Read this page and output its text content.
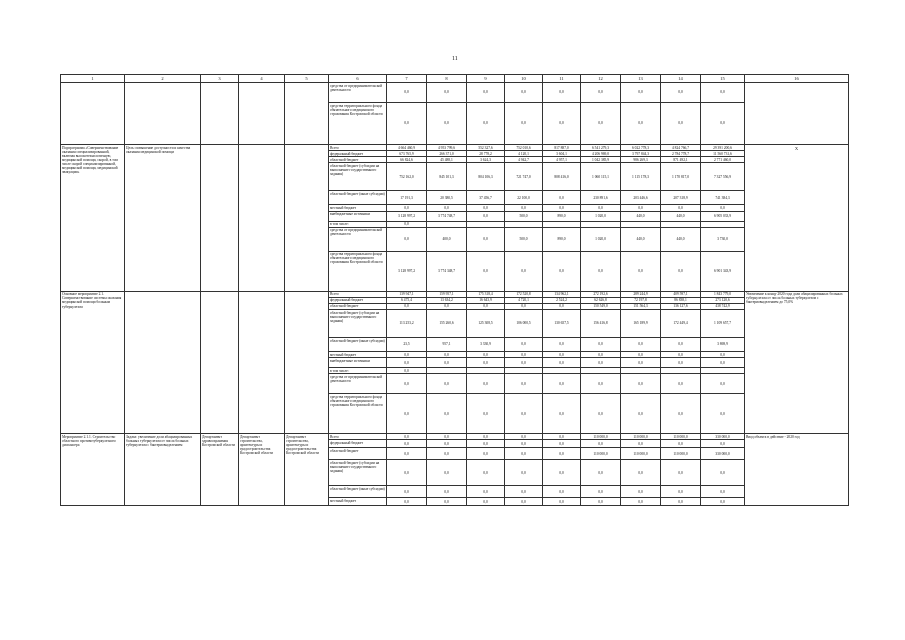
11
1	2	3	4	5	6	7	8	9	10	11	12	13	14	15	16
					средства от предпринимательской деятельности	0,0	0,0	0,0	0,0	0,0	0,0	0,0	0,0	0,0	
					средства территориального фонда обязательного медицинского страхования Костромской области	0,0	0,0	0,0	0,0	0,0	0,0	0,0	0,0	0,0	
Подпрограмма «Совершенствование оказания специализированной, включая высокотехнологичную, медицинской помощи, скорой, в том числе скорой специализированной, медицинской помощи, медицинской эвакуации»	Цель: повышение доступности и качества оказания медицинской помощи				Всего	4 664 460,9	4 953 799,6	552 327,6	752 010,6	817 887,0	6 541 279,3	6 022 778,3	4 824 766,7	29 391 200,6	Х
					федеральный бюджет	673 765,9	266 371,0	28 778,2	4 120,1	3 604,1	4 206 969,0	3 797 844,3	2 784 778,7	11 560 731,6	
					областной бюджет	66 824,6	45 488,1	3 624,3	4 942,7	4 957,1	1 042 385,9	986 269,3	871 492,1	2 771 460,0	
					областной бюджет (субсидии на выполнение государственного задания)	752 162,0	845 101,3	804 106,3	721 747,0	808 416,0	1 060 115,1	1 115 178,3	1 170 817,0	7 327 556,9	
					областной бюджет (иные субсидии)	17 191,3	20 380,5	37 456,7	22 100,0	0,0	230 891,6	203 446,6	207 318,9	741 384,3	
					местный бюджет	0,0	0,0	0,0	0,0	0,0	0,0	0,0	0,0	0,0	
					внебюджетные источники	3 128 997,2	3 774 748,7	0,0	500,0	890,0	1 020,0	440,0	440,0	6 905 033,9	
					в том числе:	0,0									
					средства от предпринимательской деятельности	0,0	400,0	0,0	500,0	890,0	1 020,0	440,0	440,0	3 730,0	
					средства территориального фонда обязательного медицинского страхования Костромской области	3 128 997,2	3 774 348,7	0,0	0,0	0,0	0,0	0,0	0,0	6 901 343,9	
Основное мероприятие 2.1. Совершенствование системы оказания медицинской помощи больным туберкулезом					Всего	139 947,1	159 957,1	175 318,4	172 520,8	134 962,1	272 192,6	289 244,9	409 597,1	1 843 779,0	Увеличение к концу 2020 года доли абацилированных больных туберкулезом от числа больных туберкулезом с бактериовыделением до 75,0%
					федеральный бюджет	6 475,4	13 634,2	16 643,9	4 720,1	2 524,2	62 626,8	72 197,8	86 838,1	273 120,6	
					областной бюджет	0,0	0,0	0,0	0,0	0,0	150 549,0	151 564,3	136 127,6	438 742,9	
					областной бюджет (субсидии на выполнение государственного задания)	113 253,2	155 260,6	125 308,5	106 000,5	130 657,5	156 416,8	165 189,9	172 449,4	1 109 657,7	
					областной бюджет (иные субсидии)	23,5	957,1	3 330,9	0,0	0,0	0,0	0,0	0,0	3 869,9	
					местный бюджет	0,0	0,0	0,0	0,0	0,0	0,0	0,0	0,0	0,0	
					внебюджетные источники	0,0	0,0	0,0	0,0	0,0	0,0	0,0	0,0	0,0	
					в том числе:	0,0									
					средства от предпринимательской деятельности	0,0	0,0	0,0	0,0	0,0	0,0	0,0	0,0	0,0	
					средства территориального фонда обязательного медицинского страхования Костромской области	0,0	0,0	0,0	0,0	0,0	0,0	0,0	0,0	0,0	
Мероприятие 2.1.1. Строительство областного противотуберкулезного диспансера	Задача: увеличение доли абацилированных больных туберкулезом от числа больных туберкулезом с бактериовыделением	Департамент здравоохранения Костромской области	Департамент строительства, архитектуры и градостроительства Костромской области	Департамент строительства, архитектуры и градостроительства Костромской области	Всего	0,0	0,0	0,0	0,0	0,0	110 000,0	110 000,0	110 000,0	330 000,0	Ввод объекта в действие - 2020 год
					федеральный бюджет	0,0	0,0	0,0	0,0	0,0	0,0	0,0	0,0	0,0	
					областной бюджет	0,0	0,0	0,0	0,0	0,0	110 000,0	110 000,0	110 000,0	330 000,0	
					областной бюджет (субсидии на выполнение государственного задания)	0,0	0,0	0,0	0,0	0,0	0,0	0,0	0,0	0,0	
					областной бюджет (иные субсидии)	0,0	0,0	0,0	0,0	0,0	0,0	0,0	0,0	0,0	
					местный бюджет	0,0	0,0	0,0	0,0	0,0	0,0	0,0	0,0	0,0	
